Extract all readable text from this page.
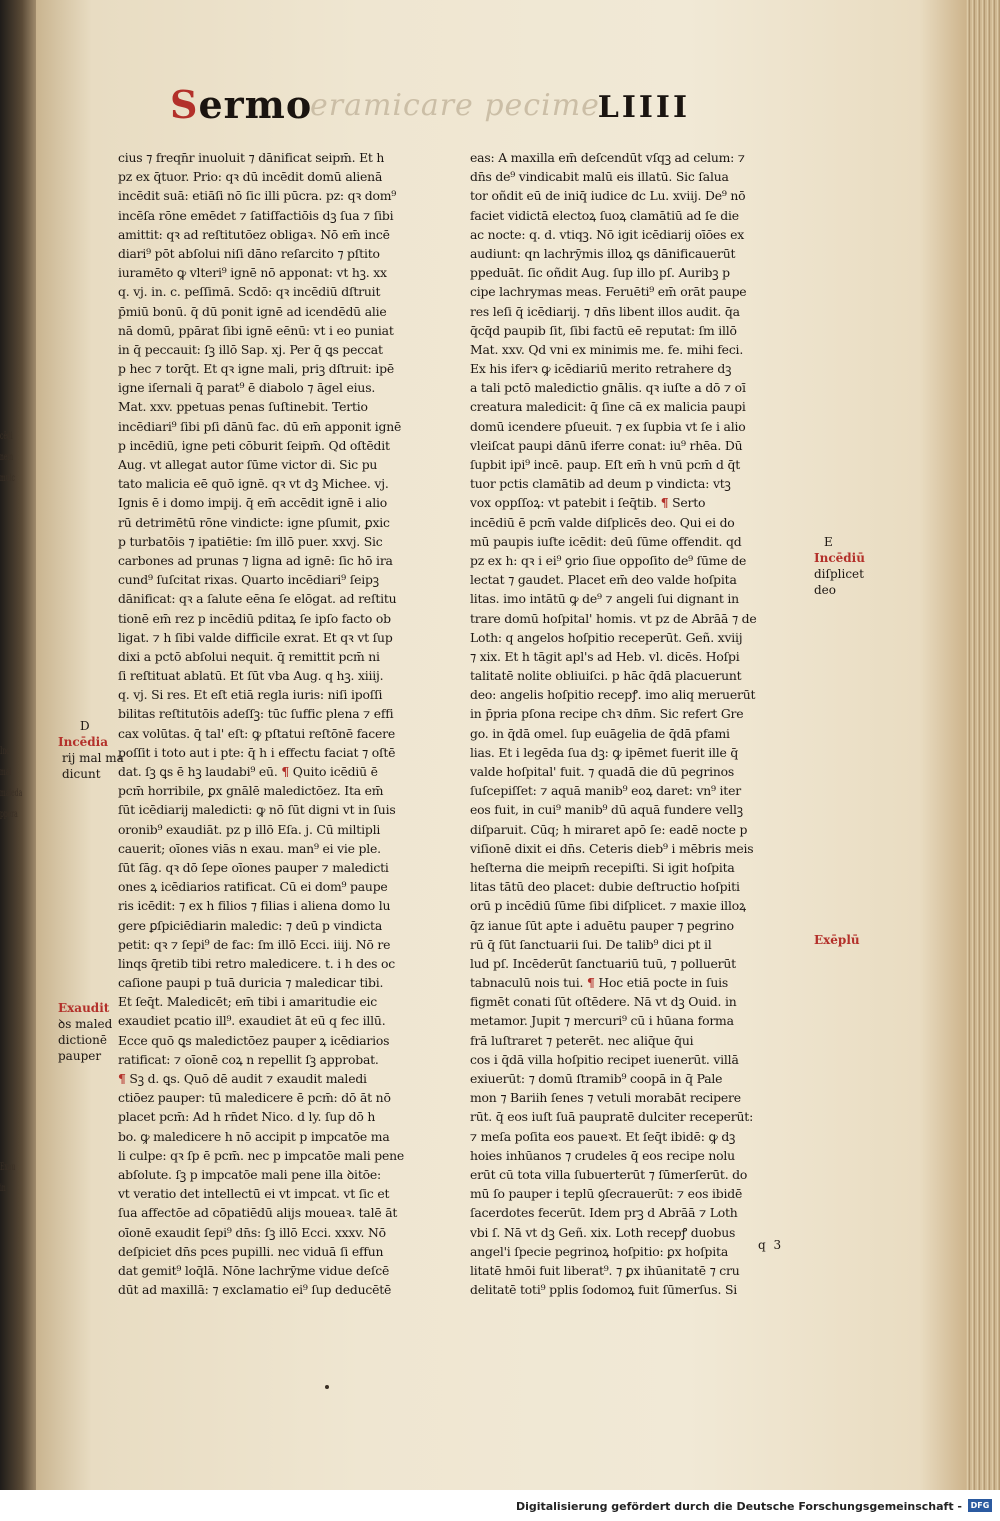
cēdi
nem
mulc
Inc
mal
maleda
ppera
Exau
in
eramicare pecime
Sermo	LIIII
cius ⁊ freqn̄r inuoluit ⁊ dānificat seipm̄. Et h
pz ex q̄tuor. Prio: qꝛ dū incēdit domū alienā
incēdit suā: etiāſi nō ſic illi pūcra. pz: qꝛ dom⁹
incēſa rōne emēdet ⁊ ſatiſfactiōis dꝫ ſua ⁊ ſibi
amittit: qꝛ ad reſtitutōez obligaꝛ. Nō em̄ incē
diari⁹ pōt abſolui niſi dāno reſarcito ⁊ pſtito
iuramēto ꝙ vlteri⁹ ignē nō apponat: vt hꝫ. xx
q. vj. in. c. peſſimā. Scdō: qꝛ incēdiū dſtruit
p̄miū bonū. q̄ dū ponit ignē ad icendēdū alie
nā domū, ppārat ſibi ignē eēnū: vt i eo puniat
in q̄ peccauit: ſꝫ illō Sap. xj. Per q̄ ꝗs peccat
p hec ⁊ torq̄t. Et qꝛ igne mali, priꝫ dſtruit: ipē
igne iſernali q̄ parat⁹ ē diabolo ⁊ āgel eius.
Mat. xxv. ppetuas penas ſuſtinebit. Tertio
incēdiari⁹ ſibi pſi dānū fac. dū em̄ apponit ignē
p incēdiū, igne peti cōburit ſeipm̄. Qd oſtēdit
Aug. vt allegat autor ſūme victor di. Sic pu
tato malicia eē quō ignē. qꝛ vt dꝫ Michee. vj.
Ignis ē i domo impij. q̄ em̄ accēdit ignē i alio
rū detrimētū rōne vindicte: igne pſumit, ꝑxic
p turbatōis ⁊ ipatiētie: ſm illō puer. xxvj. Sic
carbones ad prunas ⁊ ligna ad ignē: ſic hō ira
cund⁹ ſuſcitat rixas. Quarto incēdiari⁹ ſeipꝫ
dānificat: qꝛ a ſalute eēna ſe elōgat. ad reſtitu
tionē em̄ rez p incēdiū pditaꝝ ſe ipſo facto ob
ligat. ⁊ h ſibi valde difficile exrat. Et qꝛ vt ſup
dixi a pctō abſolui nequit. q̄ remittit pcm̄ ni
ſi reſtituat ablatū. Et ſūt vba Aug. q hꝫ. xiiij.
q. vj. Si res. Et eſt etiā regla iuris: niſi ipoſſi
bilitas reſtitutōis adeſſꝫ: tūc ſuffic plena ⁊ effi
cax volūtas. q̄ tal' eſt: ꝙ pſtatui reſtōnē facere
poſſit i toto aut i pte: q̄ h i effectu faciat ⁊ oſtē
dat. ſꝫ ꝗs ē hꝫ laudabi⁹ eū. ¶ Quito icēdiū ē
pcm̄ horribile, ꝑx gnālē maledictōez. Ita em̄
ſūt icēdiarij maledicti: ꝙ nō ſūt digni vt in ſuis
oronib⁹ exaudiāt. pz p illō Eſa. j. Cū miltipli
cauerit; oīones viās n exau. man⁹ ei vie ple.
ſūt ſāg. qꝛ dō ſepe oīones pauper ⁊ maledicti
ones ꝝ icēdiarios ratificat. Cū ei dom⁹ paupe
ris icēdit: ⁊ ex h filios ⁊ filias i aliena domo lu
gere ꝑſpiciēdiarin maledic: ⁊ deū p vindicta
petit: qꝛ ⁊ ſepi⁹ de fac: ſm illō Ecci. iiij. Nō re
linqs q̄retib tibi retro maledicere. t. i h des oc
caſione paupi p tuā duricia ⁊ maledicar tibi.
Et ſeq̄t. Maledicēt; em̄ tibi i amaritudie eic
exaudiet pcatio ill⁹. exaudiet āt eū q fec illū.
Ecce quō ꝗs maledictōez pauper ꝝ icēdiarios
ratificat: ⁊ oīonē coꝝ n repellit ſꝫ approbat.
¶ Sꝫ d. ꝗs. Quō dē audit ⁊ exaudit maledi
ctiōez pauper: tū maledicere ē pcm̄: dō āt nō
placet pcm̄: Ad h rn̄det Nico. d ly. ſup dō h
bo. ꝙ maledicere h nō accipit p impcatōe ma
li culpe: qꝛ ſp ē pcm̄. nec p impcatōe mali pene
abſolute. ſꝫ p impcatōe mali pene illa ꝺitōe:
vt veratio det intellectū ei vt impcat. vt ſic et
ſua affectōe ad cōpatiēdū alijs moueaꝛ. talē āt
oīonē exaudit ſepi⁹ dn̄s: ſꝫ illō Ecci. xxxv. Nō
deſpiciet dn̄s pces pupilli. nec viduā ſi effun
dat gemit⁹ loq̄lā. Nōne lachrȳme vidue deſcē
dūt ad maxillā: ⁊ exclamatio ei⁹ ſup deducētē
eas: A maxilla em̄ deſcendūt vſqꝫ ad celum: ⁊
dn̄s de⁹ vindicabit malū eis illatū. Sic ſalua
tor oñdit eū de iniq̄ iudice dc Lu. xviij. De⁹ nō
faciet vidictā electoꝝ ſuoꝝ clamātiū ad ſe die
ac nocte: q. d. vtiqꝫ. Nō igit icēdiarij oīōes ex
audiunt: qn lachrȳmis illoꝝ ꝗs dānificauerūt
ppeduāt. ſic oñdit Aug. ſup illo pſ. Auribꝫ p
cipe lachrymas meas. Feruēti⁹ em̄ orāt paupe
res leſi q̄ icēdiarij. ⁊ dn̄s libent illos audit. q̄a
q̄cq̄d paupib ſit, ſibi factū eē reputat: ſm illō
Mat. xxv. Qd vni ex minimis me. fe. mihi feci.
Ex his iferꝛ ꝙ icēdiariū merito retrahere dꝫ
a tali pctō maledictio gnālis. qꝛ iuſte a dō ⁊ oī
creatura maledicit: q̄ ſine cā ex malicia paupi
domū icendere pſueuit. ⁊ ex ſupbia vt ſe i alio
vleiſcat paupi dānū iferre conat: iu⁹ rhēa. Dū
ſupbit ipi⁹ incē. paup. Eſt em̄ h vnū pcm̄ d q̄t
tuor pctis clamātib ad deum p vindicta: vtꝫ
vox oppſſoꝝ: vt patebit i ſeq̄tib. ¶ Serto
incēdiū ē pcm̄ valde diſplicēs deo. Qui ei do
mū paupis iuſte icēdit: deū ſūme offendit. qd
pz ex h: qꝛ i ei⁹ ꝯrio ſiue oppoſito de⁹ ſūme de
lectat ⁊ gaudet. Placet em̄ deo valde hoſpita
litas. imo intātū ꝙ de⁹ ⁊ angeli ſui dignant in
trare domū hoſpital' homis. vt pz de Abrāā ⁊ de
Loth: q angelos hoſpitio receperūt. Geñ. xviij
⁊ xix. Et h tāgit apl's ad Heb. vl. dicēs. Hoſpi
talitatē nolite obliuiſci. p hāc q̄dā placuerunt
deo: angelis hoſpitio recepꝭ. imo aliq meruerūt
in p̄pria pſona recipe chꝛ dn̄m. Sic refert Gre
go. in q̄dā omel. ſup euāgelia de q̄dā pfami
lias. Et i legēda ſua dꝫ: ꝙ ipēmet fuerit ille q̄
valde hoſpital' fuit. ⁊ quadā die dū pegrinos
ſuſcepiſſet: ⁊ aquā manib⁹ eoꝝ daret: vn⁹ iter
eos fuit, in cui⁹ manib⁹ dū aquā fundere vellꝫ
diſparuit. Cūq; h miraret apō ſe: eadē nocte p
viſionē dixit ei dn̄s. Ceteris dieb⁹ i mēbris meis
heſterna die meipm̄ recepiſti. Si igit hoſpita
litas tātū deo placet: dubie deſtructio hoſpiti
orū p incēdiū ſūme ſibi diſplicet. ⁊ maxie illoꝝ
q̄z ianue ſūt apte i aduētu pauper ⁊ pegrino
rū q̄ ſūt ſanctuarii ſui. De talib⁹ dici pt il
lud pſ. Incēderūt ſanctuariū tuū, ⁊ polluerūt
tabnaculū nois tui. ¶ Hoc etiā pocte in ſuis
figmēt conati ſūt oſtēdere. Nā vt dꝫ Ouid. in
metamor. Jupit ⁊ mercuri⁹ cū i hūana forma
frā luſtraret ⁊ peterēt. nec aliq̄ue q̄ui
cos i q̄dā villa hoſpitio recipet iuenerūt. villā
exiuerūt: ⁊ domū ſtramib⁹ coopā in q̄ Pale
mon ⁊ Bariih ſenes ⁊ vetuli morabāt recipere
rūt. q̄ eos iuſt ſuā paupratē dulciter receperūt:
⁊ meſa poſita eos paueꝛt. Et ſeq̄t ibidē: ꝙ dꝫ
hoies inhūanos ⁊ crudeles q̄ eos recipe nolu
erūt cū tota villa ſubuerterūt ⁊ ſūmerſerūt. do
mū ſo pauper i teplū ꝯſecrauerūt: ⁊ eos ibidē
ſacerdotes fecerūt. Idem prꝫ d Abrāā ⁊ Loth
vbi ſ. Nā vt dꝫ Geñ. xix. Loth recepꝭ duobus
angel'i ſpecie pegrinoꝝ hoſpitio: ꝑx hoſpita
litatē hmōi fuit liberat⁹. ⁊ ꝑx ihūanitatē ⁊ cru
delitatē toti⁹ pplis ſodomoꝝ fuit ſūmerſus. Si
D
Incēdia
rij mal ma
dicunt
Exaudit
ꝺs maled
dictionē
pauper
E
Incēdiū
diſplicet
deo
Exēplū
q 3
Digitalisierung gefördert durch die Deutsche Forschungsgemeinschaft -	DFG
